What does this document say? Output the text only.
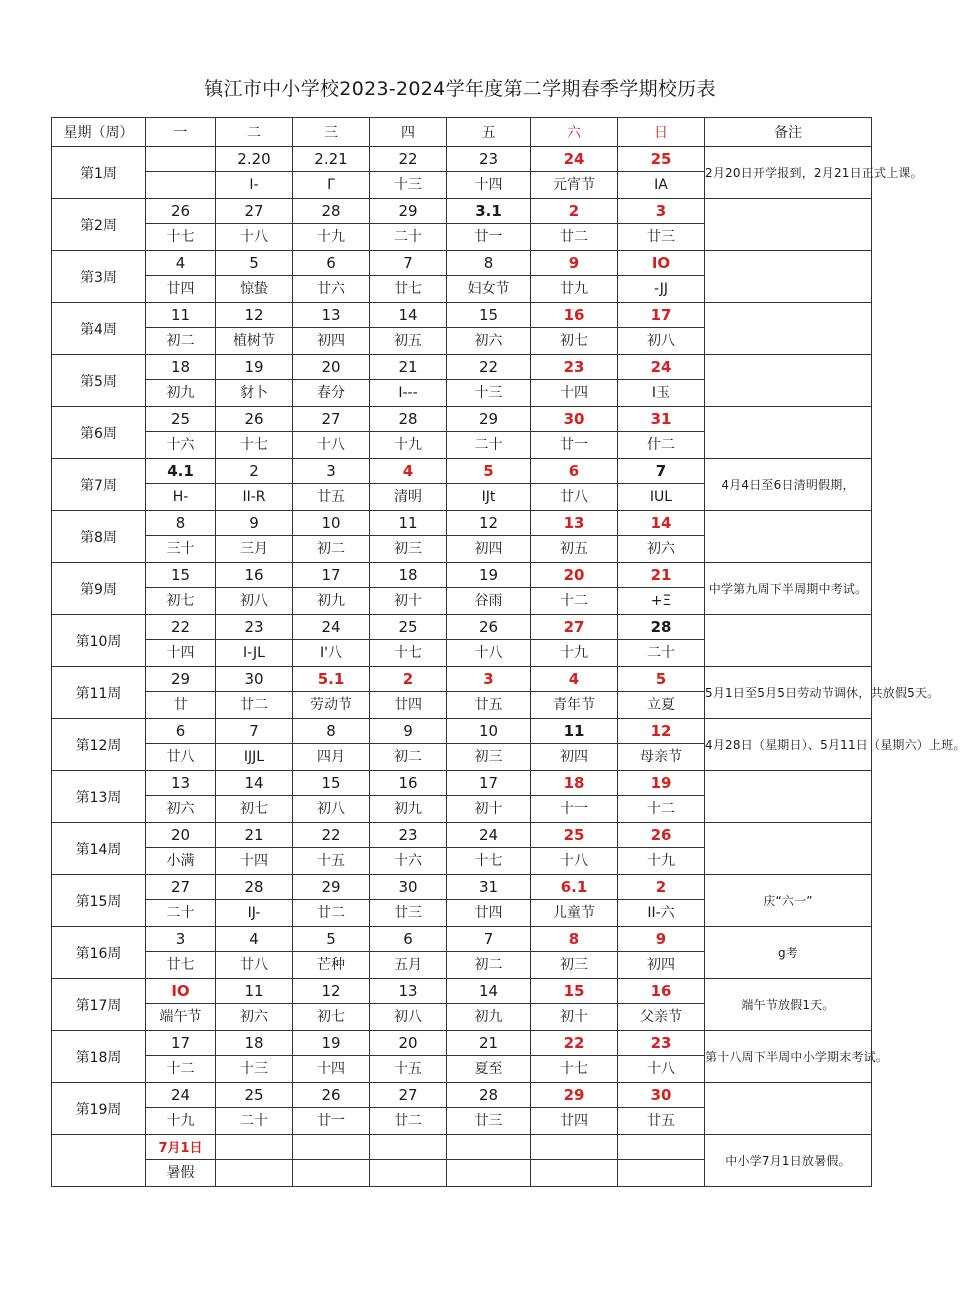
镇江市中小学校2023-2024学年度第二学期春季学期校历表
星期（周）	一	二	三	四	五	六	日	备注
第1周		2.20	2.21	22	23	24	25	2月20日开学报到，2月21日正式上课。
		I-	Γ	十三	十四	元宵节	IA	
第2周	26	27	28	29	3.1	2	3	
	十七	十八	十九	二十	廿一	廿二	廿三	
第3周	4	5	6	7	8	9	IO	
	廿四	惊蛰	廿六	廿七	妇女节	廿九	-JJ	
第4周	11	12	13	14	15	16	17	
	初二	植树节	初四	初五	初六	初七	初八	
第5周	18	19	20	21	22	23	24	
	初九	豺卜	春分	I---	十三	十四	I玉	
第6周	25	26	27	28	29	30	31	
	十六	十七	十八	十九	二十	廿一	什二	
第7周	4.1	2	3	4	5	6	7	4月4日至6日清明假期，
	H-	II-R	廿五	清明	IJt	廿八	IUL	
第8周	8	9	10	11	12	13	14	
	三十	三月	初二	初三	初四	初五	初六	
第9周	15	16	17	18	19	20	21	中学第九周下半周期中考试。
	初七	初八	初九	初十	谷雨	十二	+Ξ	
第10周	22	23	24	25	26	27	28	
	十四	I-JL	I'八	十七	十八	十九	二十	
第11周	29	30	5.1	2	3	4	5	5月1日至5月5日劳动节调休，共放假5天。
	廿	廿二	劳动节	廿四	廿五	青年节	立夏	
第12周	6	7	8	9	10	11	12	4月28日（星期日）、5月11日（星期六）上班。
	廿八	IJJL	四月	初二	初三	初四	母亲节	
第13周	13	14	15	16	17	18	19	
	初六	初七	初八	初九	初十	十一	十二	
第14周	20	21	22	23	24	25	26	
	小满	十四	十五	十六	十七	十八	十九	
第15周	27	28	29	30	31	6.1	2	庆“六一”
	二十	IJ-	廿二	廿三	廿四	儿童节	II-六	
第16周	3	4	5	6	7	8	9	g考
	廿七	廿八	芒种	五月	初二	初三	初四	
第17周	IO	11	12	13	14	15	16	端午节放假1天。
	端午节	初六	初七	初八	初九	初十	父亲节	
第18周	17	18	19	20	21	22	23	第十八周下半周中小学期末考试。
	十二	十三	十四	十五	夏至	十七	十八	
第19周	24	25	26	27	28	29	30	
	十九	二十	廿一	廿二	廿三	廿四	廿五	
	7月1日							中小学7月1日放暑假。
	暑假							
